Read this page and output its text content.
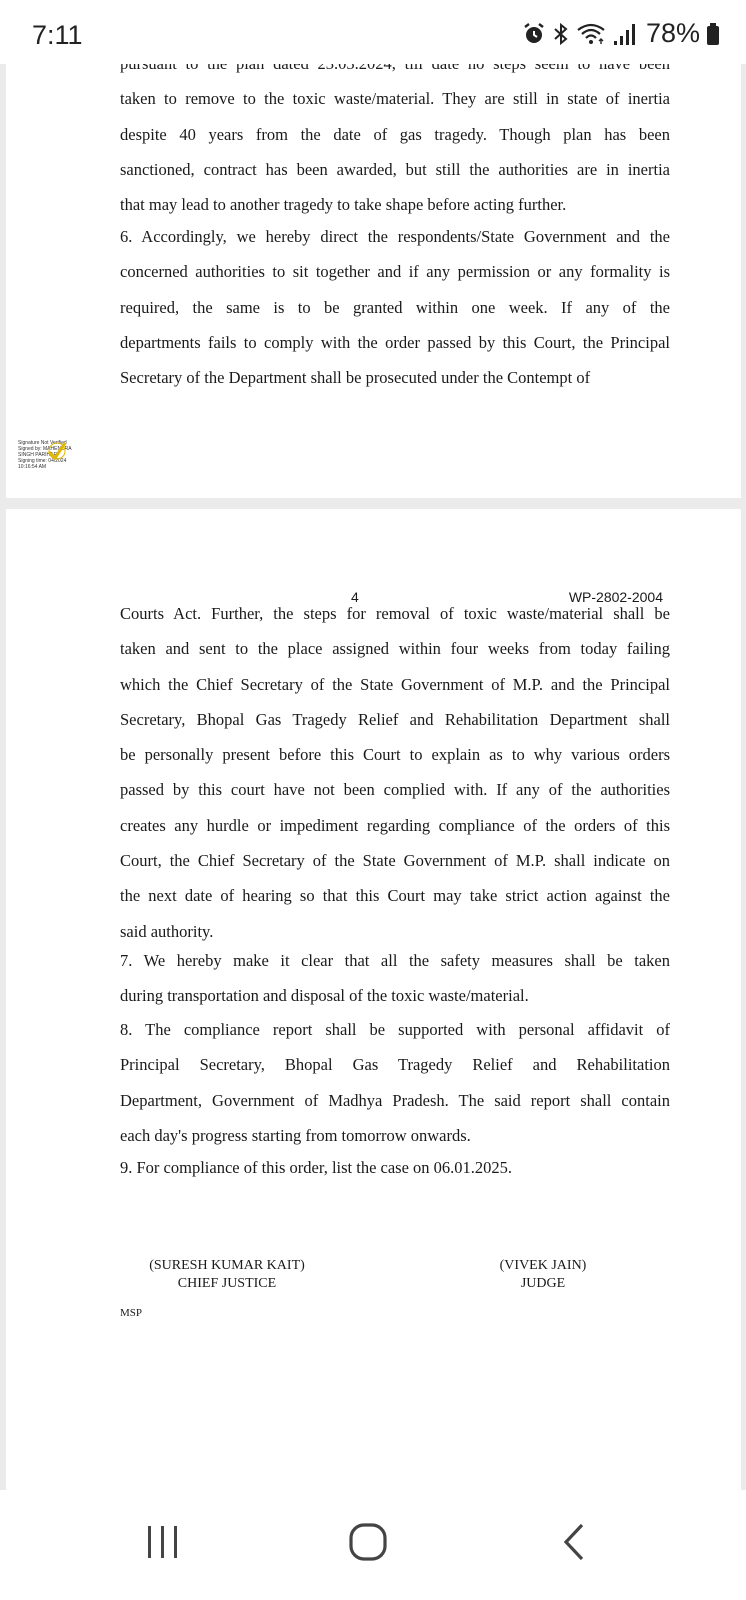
7:11	78%
taken to remove to the toxic waste/material. They are still in state of inertia
despite 40 years from the date of gas tragedy. Though plan has been
sanctioned, contract has been awarded, but still the authorities are in inertia
that may lead to another tragedy to take shape before acting further.
6. Accordingly, we hereby direct the respondents/State Government and the
concerned authorities to sit together and if any permission or any formality is
required, the same is to be granted within one week. If any of the
departments fails to comply with the order passed by this Court, the Principal
Secretary of the Department shall be prosecuted under the Contempt of
Signature Not Verified
Signed by: MAHENDRA
SINGH PARIHAR
Signing time: 04/2024
10:16:54 AM
4	WP-2802-2004
Courts Act. Further, the steps for removal of toxic waste/material shall be
taken and sent to the place assigned within four weeks from today failing
which the Chief Secretary of the State Government of M.P. and the Principal
Secretary, Bhopal Gas Tragedy Relief and Rehabilitation Department shall
be personally present before this Court to explain as to why various orders
passed by this court have not been complied with. If any of the authorities
creates any hurdle or impediment regarding compliance of the orders of this
Court, the Chief Secretary of the State Government of M.P. shall indicate on
the next date of hearing so that this Court may take strict action against the
said authority.
7. We hereby make it clear that all the safety measures shall be taken
during transportation and disposal of the toxic waste/material.
8. The compliance report shall be supported with personal affidavit of
Principal Secretary, Bhopal Gas Tragedy Relief and Rehabilitation
Department, Government of Madhya Pradesh. The said report shall contain
each day's progress starting from tomorrow onwards.
9. For compliance of this order, list the case on 06.01.2025.
(SURESH KUMAR KAIT)
CHIEF JUSTICE
(VIVEK JAIN)
JUDGE
MSP
